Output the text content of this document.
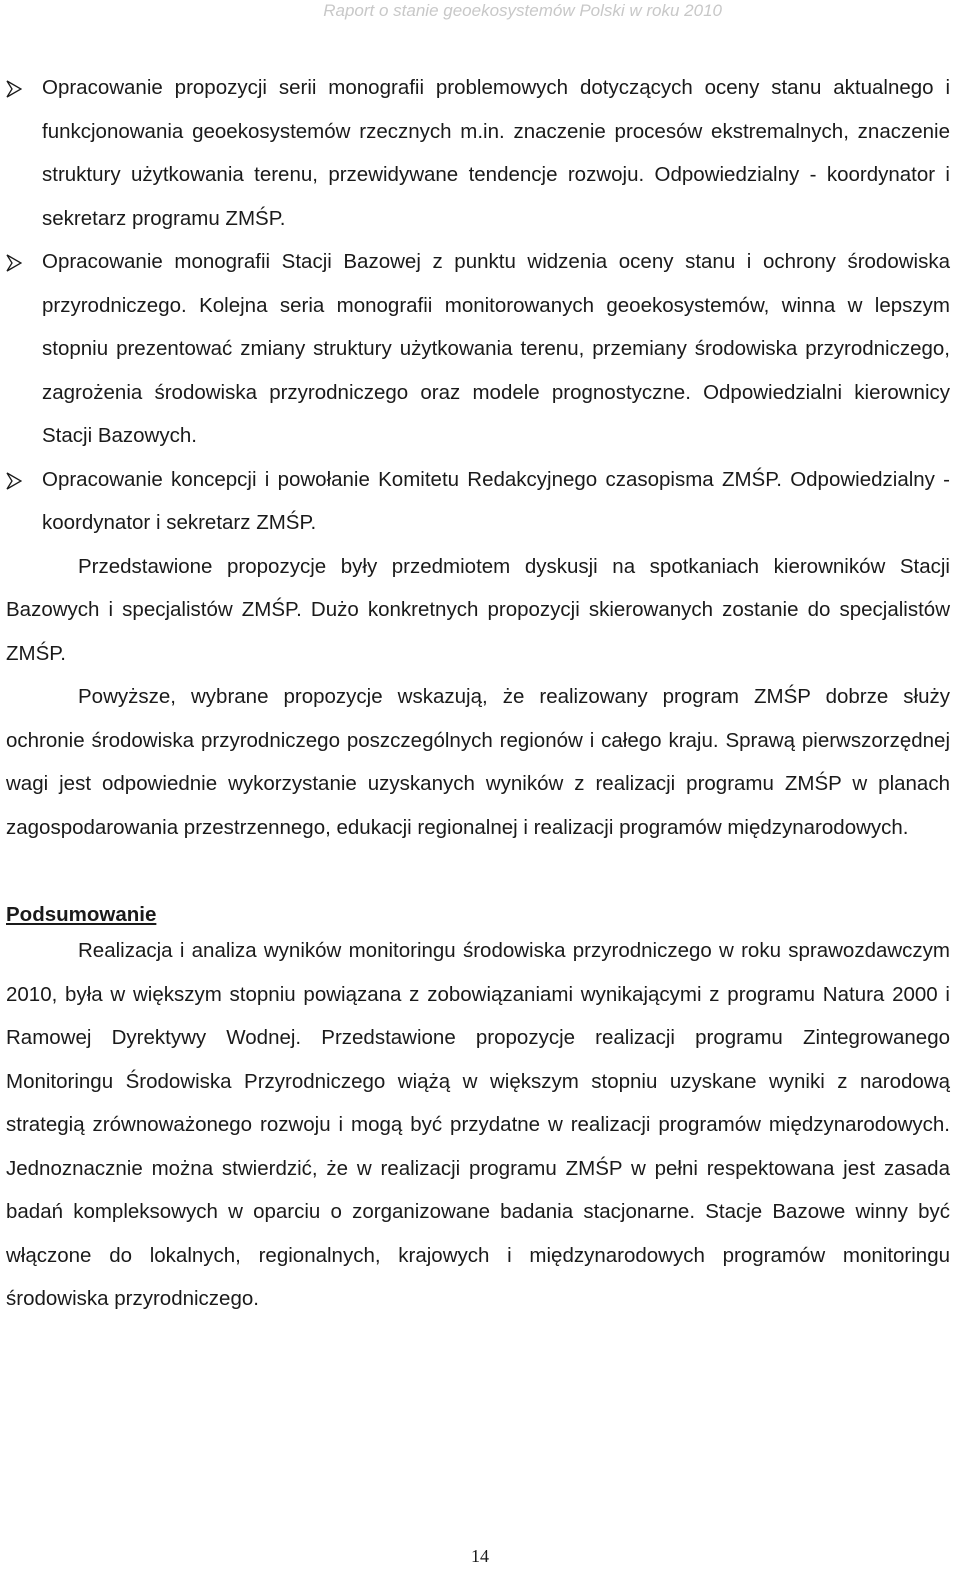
Raport o stanie geoekosystemów Polski w roku 2010
Opracowanie propozycji serii monografii problemowych dotyczących oceny stanu aktualnego i funkcjonowania geoekosystemów rzecznych m.in. znaczenie procesów ekstremalnych, znaczenie struktury użytkowania terenu, przewidywane tendencje rozwoju. Odpowiedzialny - koordynator i sekretarz programu ZMŚP.
Opracowanie monografii Stacji Bazowej z punktu widzenia oceny stanu i ochrony środowiska przyrodniczego. Kolejna seria monografii monitorowanych geoekosystemów, winna w lepszym stopniu prezentować zmiany struktury użytkowania terenu, przemiany środowiska przyrodniczego, zagrożenia środowiska przyrodniczego oraz modele prognostyczne. Odpowiedzialni kierownicy Stacji Bazowych.
Opracowanie koncepcji i powołanie Komitetu Redakcyjnego czasopisma ZMŚP. Odpowiedzialny - koordynator i sekretarz ZMŚP.

Przedstawione propozycje były przedmiotem dyskusji na spotkaniach kierowników Stacji Bazowych i specjalistów ZMŚP. Dużo konkretnych propozycji skierowanych zostanie do specjalistów ZMŚP.

Powyższe, wybrane propozycje wskazują, że realizowany program ZMŚP dobrze służy ochronie środowiska przyrodniczego poszczególnych regionów i całego kraju. Sprawą pierwszorzędnej wagi jest odpowiednie wykorzystanie uzyskanych wyników z realizacji programu ZMŚP w planach zagospodarowania przestrzennego, edukacji regionalnej i realizacji programów międzynarodowych.

Podsumowanie

Realizacja i analiza wyników monitoringu środowiska przyrodniczego w roku sprawozdawczym 2010, była w większym stopniu powiązana z zobowiązaniami wynikającymi z programu Natura 2000 i Ramowej Dyrektywy Wodnej. Przedstawione propozycje realizacji programu Zintegrowanego Monitoringu Środowiska Przyrodniczego wiążą w większym stopniu uzyskane wyniki z narodową strategią zrównoważonego rozwoju i mogą być przydatne w realizacji programów międzynarodowych. Jednoznacznie można stwierdzić, że w realizacji programu ZMŚP w pełni respektowana jest zasada badań kompleksowych w oparciu o zorganizowane badania stacjonarne. Stacje Bazowe winny być włączone do lokalnych, regionalnych, krajowych i międzynarodowych programów monitoringu środowiska przyrodniczego.

14
